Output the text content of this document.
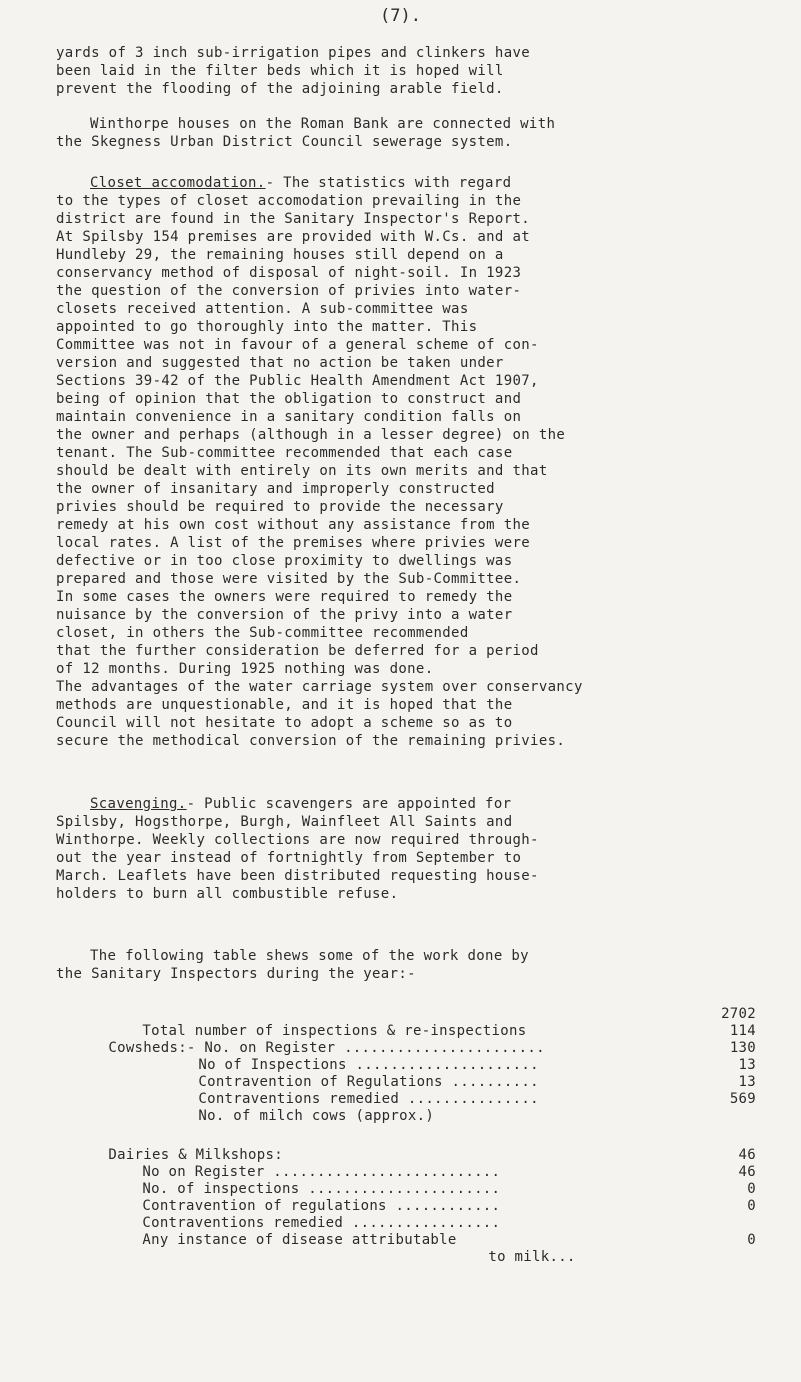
(7).
yards of 3 inch sub-irrigation pipes and clinkers have
been laid in the filter beds which it is hoped will
prevent the flooding of the adjoining arable field.
Winthorpe houses on the Roman Bank are connected with
the Skegness Urban District Council sewerage system.
Closet accomodation.- The statistics with regard
to the types of closet accomodation prevailing in the
district are found in the Sanitary Inspector's Report.
At Spilsby 154 premises are provided with W.Cs. and at
Hundleby 29, the remaining houses still depend on a
conservancy method of disposal of night-soil. In 1923
the question of the conversion of privies into water-
closets received attention. A sub-committee was
appointed to go thoroughly into the matter. This
Committee was not in favour of a general scheme of con-
version and suggested that no action be taken under
Sections 39-42 of the Public Health Amendment Act 1907,
being of opinion that the obligation to construct and
maintain convenience in a sanitary condition falls on
the owner and perhaps (although in a lesser degree) on the
tenant. The Sub-committee recommended that each case
should be dealt with entirely on its own merits and that
the owner of insanitary and improperly constructed
privies should be required to provide the necessary
remedy at his own cost without any assistance from the
local rates. A list of the premises where privies were
defective or in too close proximity to dwellings was
prepared and those were visited by the Sub-Committee.
In some cases the owners were required to remedy the
nuisance by the conversion of the privy into a water
closet, in others the Sub-committee recommended
that the further consideration be deferred for a period
of 12 months. During 1925 nothing was done.
The advantages of the water carriage system over conservancy
methods are unquestionable, and it is hoped that the
Council will not hesitate to adopt a scheme so as to
secure the methodical conversion of the remaining privies.
Scavenging.- Public scavengers are appointed for
Spilsby, Hogsthorpe, Burgh, Wainfleet All Saints and
Winthorpe. Weekly collections are now required through-
out the year instead of fortnightly from September to
March. Leaflets have been distributed requesting house-
holders to burn all combustible refuse.
The following table shews some of the work done by
the Sanitary Inspectors during the year:-

Total number of inspections & re-inspections

2702

Cowsheds:- No. on Register .......................

114

No of Inspections .....................

130

Contravention of Regulations ..........

13

Contraventions remedied ...............

13

No. of milch cows (approx.)

569

Dairies & Milkshops:

No on Register ..........................

46

No. of inspections ......................

46

Contravention of regulations ............

0

Contraventions remedied .................

0

Any instance of disease attributable

to milk...

0
